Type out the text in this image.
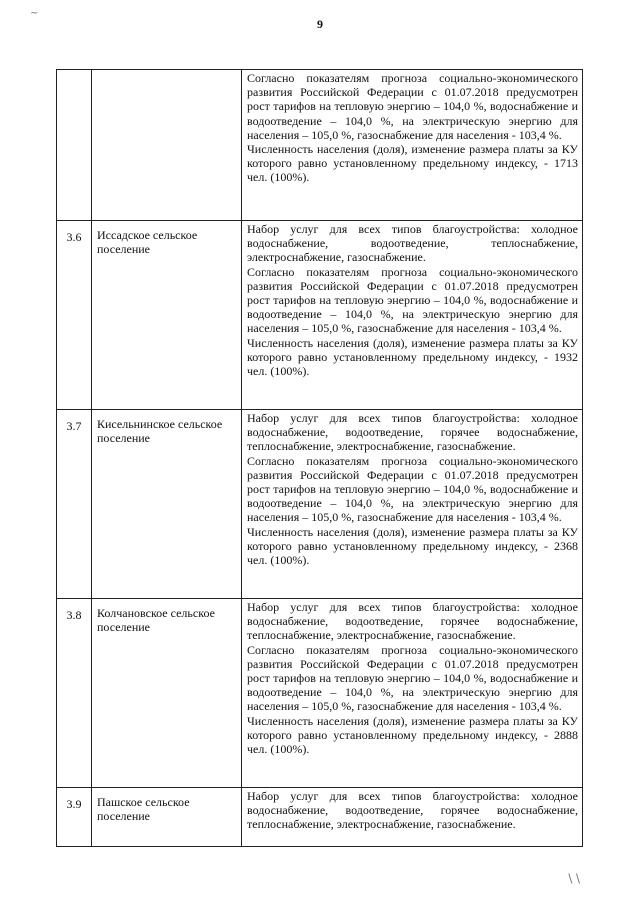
9

		Согласно показателям прогноза социально-экономического развития Российской Федерации с 01.07.2018 предусмотрен рост тарифов на тепловую энергию – 104,0 %, водоснабжение и водоотведение – 104,0 %, на электрическую энергию для населения – 105,0 %, газоснабжение для населения - 103,4 %.

Численность населения (доля), изменение размера платы за КУ которого равно установленному предельному индексу, - 1713 чел. (100%).

3.6	Иссадское сельское поселение	Набор услуг для всех типов благоустройства: холодное водоснабжение, водоотведение, теплоснабжение, электроснабжение, газоснабжение.

Согласно показателям прогноза социально-экономического развития Российской Федерации с 01.07.2018 предусмотрен рост тарифов на тепловую энергию – 104,0 %, водоснабжение и водоотведение – 104,0 %, на электрическую энергию для населения – 105,0 %, газоснабжение для населения - 103,4 %.

Численность населения (доля), изменение размера платы за КУ которого равно установленному предельному индексу, - 1932 чел. (100%).

3.7	Кисельнинское сельское поселение	Набор услуг для всех типов благоустройства: холодное водоснабжение, водоотведение, горячее водоснабжение, теплоснабжение, электроснабжение, газоснабжение.

Согласно показателям прогноза социально-экономического развития Российской Федерации с 01.07.2018 предусмотрен рост тарифов на тепловую энергию – 104,0 %, водоснабжение и водоотведение – 104,0 %, на электрическую энергию для населения – 105,0 %, газоснабжение для населения - 103,4 %.

Численность населения (доля), изменение размера платы за КУ которого равно установленному предельному индексу, - 2368 чел. (100%).

3.8	Колчановское сельское поселение	Набор услуг для всех типов благоустройства: холодное водоснабжение, водоотведение, горячее водоснабжение, теплоснабжение, электроснабжение, газоснабжение.

Согласно показателям прогноза социально-экономического развития Российской Федерации с 01.07.2018 предусмотрен рост тарифов на тепловую энергию – 104,0 %, водоснабжение и водоотведение – 104,0 %, на электрическую энергию для населения – 105,0 %, газоснабжение для населения - 103,4 %.

Численность населения (доля), изменение размера платы за КУ которого равно установленному предельному индексу, - 2888 чел. (100%).

3.9	Пашское сельское поселение	Набор услуг для всех типов благоустройства: холодное водоснабжение, водоотведение, горячее водоснабжение, теплоснабжение, электроснабжение, газоснабжение.

∼
∖∖
